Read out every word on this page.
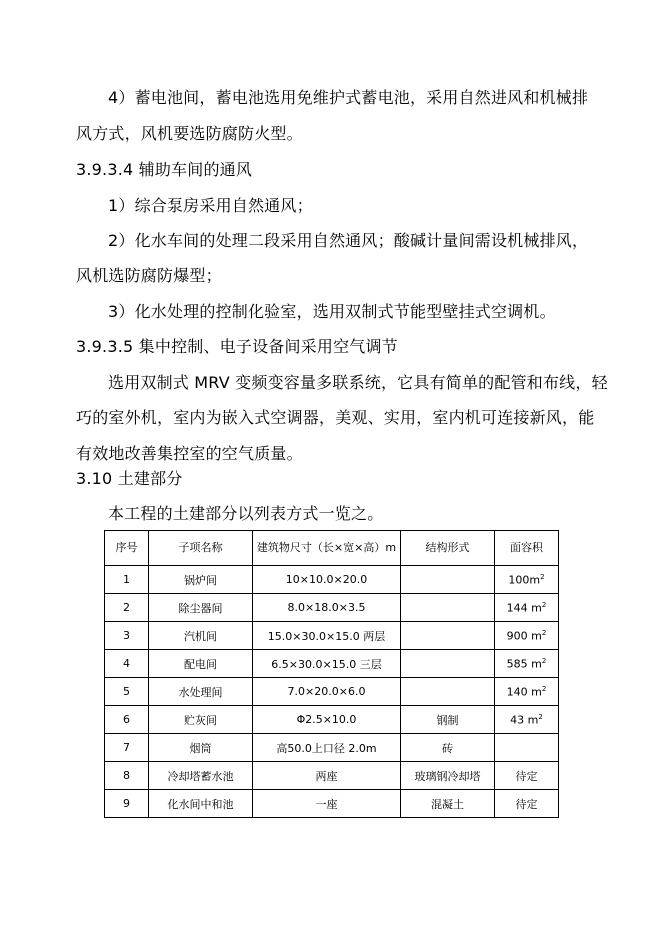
4）蓄电池间，蓄电池选用免维护式蓄电池，采用自然进风和机械排
风方式，风机要选防腐防火型。
3.9.3.4 辅助车间的通风
1）综合泵房采用自然通风；
2）化水车间的处理二段采用自然通风；酸碱计量间需设机械排风，
风机选防腐防爆型；
3）化水处理的控制化验室，选用双制式节能型壁挂式空调机。
3.9.3.5 集中控制、电子设备间采用空气调节
选用双制式 MRV 变频变容量多联系统，它具有简单的配管和布线，轻
巧的室外机，室内为嵌入式空调器，美观、实用，室内机可连接新风，能
有效地改善集控室的空气质量。
3.10 土建部分
本工程的土建部分以列表方式一览之。
序号	子项名称	建筑物尺寸（长×宽×高）m	结构形式	面容积
1	锅炉间	10×10.0×20.0		$100m^2$
2	除尘器间	8.0×18.0×3.5		144 $m^2$
3	汽机间	15.0×30.0×15.0 两层		900 $m^2$
4	配电间	6.5×30.0×15.0 三层		585 $m^2$
5	水处理间	7.0×20.0×6.0		140 $m^2$
6	贮灰间	Φ2.5×10.0	钢制	43 $m^2$
7	烟筒	高50.0上口径 2.0m	砖	
8	冷却塔蓄水池	两座	玻璃钢冷却塔	待定
9	化水间中和池	一座	混凝土	待定
